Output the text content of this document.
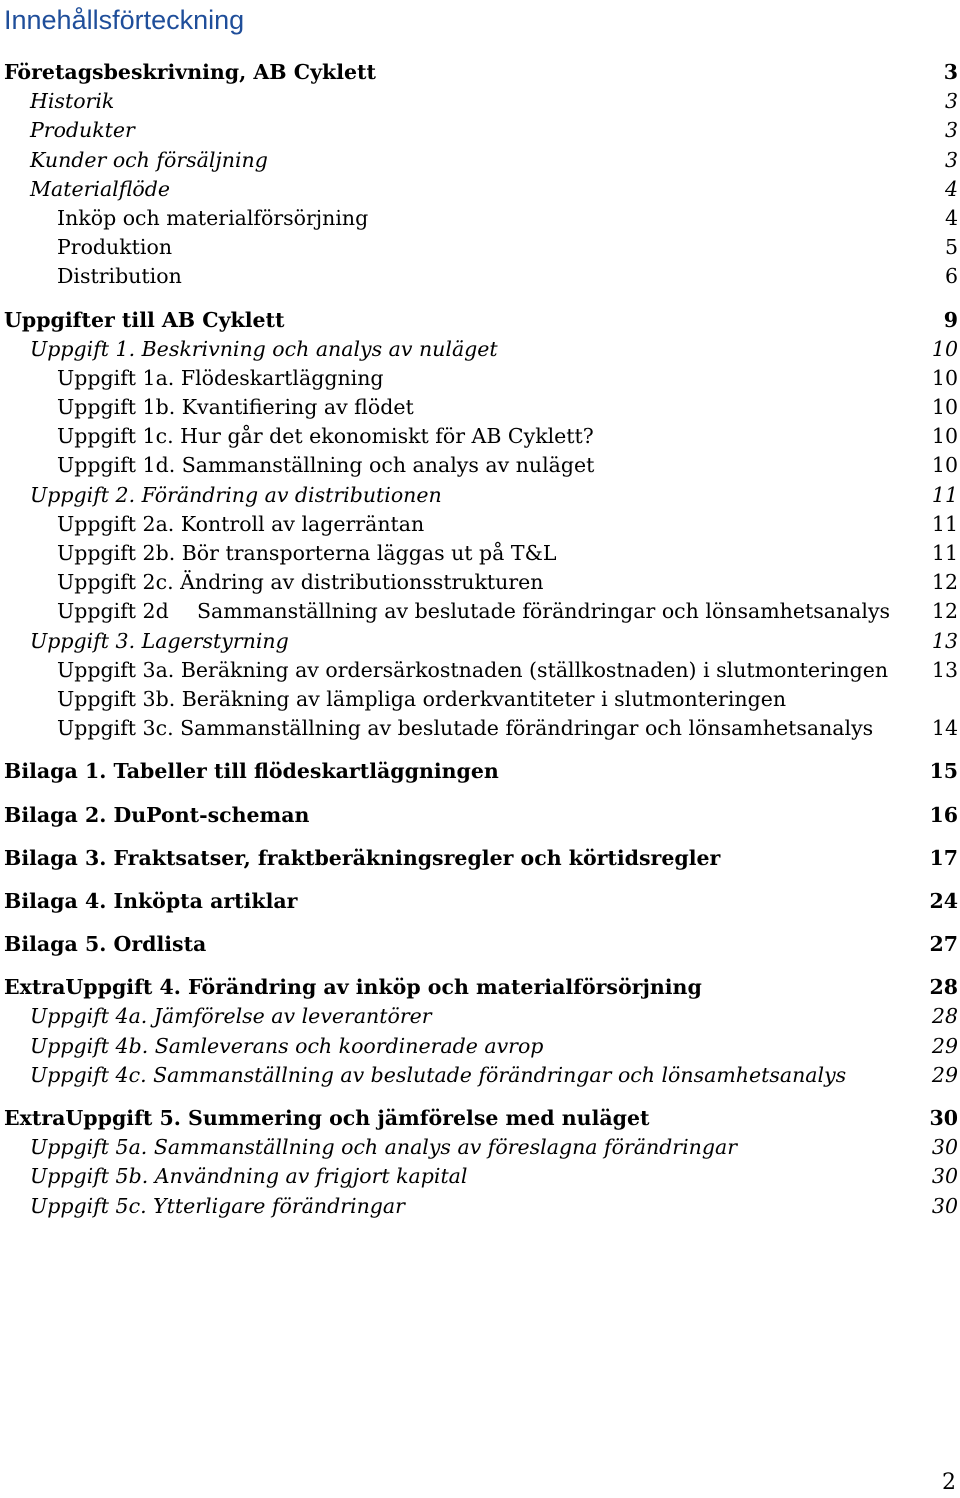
Innehållsförteckning
Företagsbeskrivning, AB Cyklett	3
Historik	3
Produkter	3
Kunder och försäljning	3
Materialflöde	4
Inköp och materialförsörjning	4
Produktion	5
Distribution	6
Uppgifter till AB Cyklett	9
Uppgift 1. Beskrivning och analys av nuläget	10
Uppgift 1a. Flödeskartläggning	10
Uppgift 1b. Kvantifiering av flödet	10
Uppgift 1c. Hur går det ekonomiskt för AB Cyklett?	10
Uppgift 1d. Sammanställning och analys av nuläget	10
Uppgift 2. Förändring av distributionen	11
Uppgift 2a. Kontroll av lagerräntan	11
Uppgift 2b. Bör transporterna läggas ut på T&L	11
Uppgift 2c. Ändring av distributionsstrukturen	12
Uppgift 2d Sammanställning av beslutade förändringar och lönsamhetsanalys 12
Uppgift 3. Lagerstyrning	13
Uppgift 3a. Beräkning av ordersärkostnaden (ställkostnaden) i slutmonteringen 13
Uppgift 3b. Beräkning av lämpliga orderkvantiteter i slutmonteringen
Uppgift 3c. Sammanställning av beslutade förändringar och lönsamhetsanalys	14
Bilaga 1. Tabeller till flödeskartläggningen	15
Bilaga 2. DuPont-scheman	16
Bilaga 3. Fraktsatser, fraktberäkningsregler och körtidsregler	17
Bilaga 4. Inköpta artiklar	24
Bilaga 5. Ordlista	27
ExtraUppgift 4. Förändring av inköp och materialförsörjning	28
Uppgift 4a. Jämförelse av leverantörer	28
Uppgift 4b. Samleverans och koordinerade avrop	29
Uppgift 4c. Sammanställning av beslutade förändringar och lönsamhetsanalys	29
ExtraUppgift 5. Summering och jämförelse med nuläget	30
Uppgift 5a. Sammanställning och analys av föreslagna förändringar	30
Uppgift 5b. Användning av frigjort kapital	30
Uppgift 5c. Ytterligare förändringar	30
2
